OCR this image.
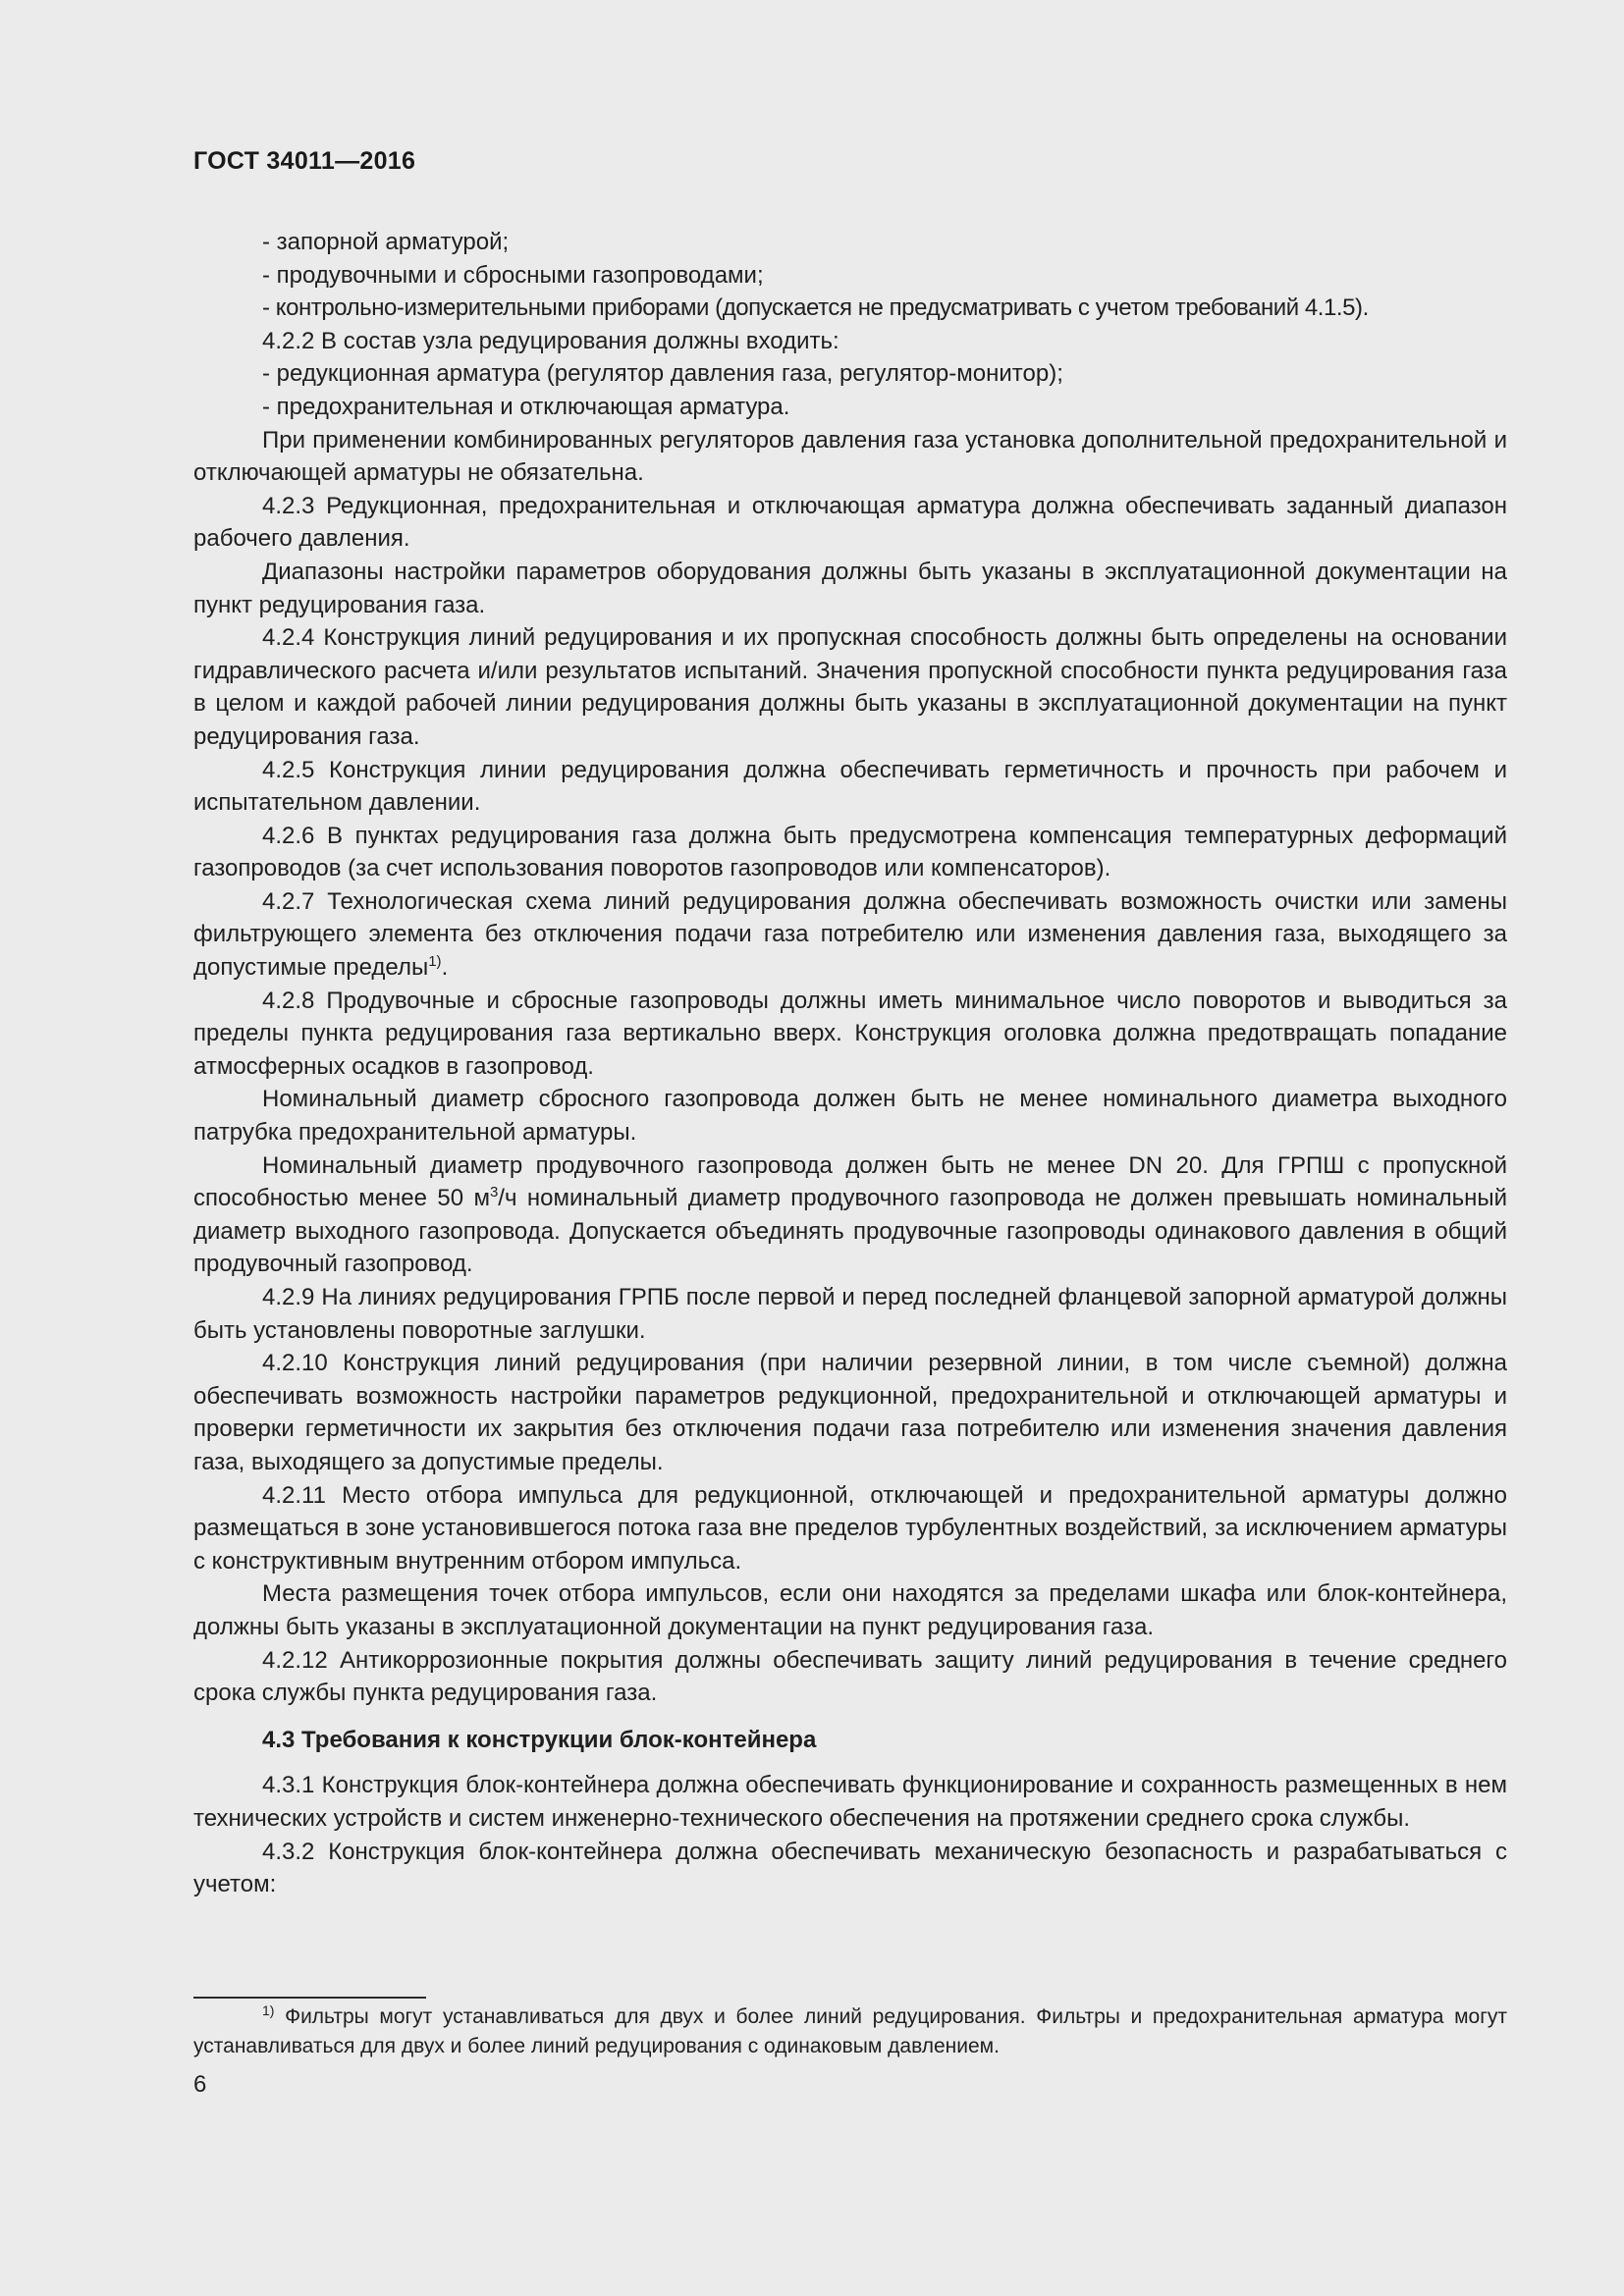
ГОСТ 34011—2016

- запорной арматурой;

- продувочными и сбросными газопроводами;

- контрольно-измерительными приборами (допускается не предусматривать с учетом требований 4.1.5).

4.2.2 В состав узла редуцирования должны входить:

- редукционная арматура (регулятор давления газа, регулятор-монитор);

- предохранительная и отключающая арматура.

При применении комбинированных регуляторов давления газа установка дополнительной предохранительной и отключающей арматуры не обязательна.

4.2.3 Редукционная, предохранительная и отключающая арматура должна обеспечивать заданный диапазон рабочего давления.

Диапазоны настройки параметров оборудования должны быть указаны в эксплуатационной документации на пункт редуцирования газа.

4.2.4 Конструкция линий редуцирования и их пропускная способность должны быть определены на основании гидравлического расчета и/или результатов испытаний. Значения пропускной способности пункта редуцирования газа в целом и каждой рабочей линии редуцирования должны быть указаны в эксплуатационной документации на пункт редуцирования газа.

4.2.5 Конструкция линии редуцирования должна обеспечивать герметичность и прочность при рабочем и испытательном давлении.

4.2.6 В пунктах редуцирования газа должна быть предусмотрена компенсация температурных деформаций газопроводов (за счет использования поворотов газопроводов или компенсаторов).

4.2.7 Технологическая схема линий редуцирования должна обеспечивать возможность очистки или замены фильтрующего элемента без отключения подачи газа потребителю или изменения давления газа, выходящего за допустимые пределы$^{1)}$.

4.2.8 Продувочные и сбросные газопроводы должны иметь минимальное число поворотов и выводиться за пределы пункта редуцирования газа вертикально вверх. Конструкция оголовка должна предотвращать попадание атмосферных осадков в газопровод.

Номинальный диаметр сбросного газопровода должен быть не менее номинального диаметра выходного патрубка предохранительной арматуры.

Номинальный диаметр продувочного газопровода должен быть не менее DN 20. Для ГРПШ с пропускной способностью менее 50 $м^3/ч$ номинальный диаметр продувочного газопровода не должен превышать номинальный диаметр выходного газопровода. Допускается объединять продувочные газопроводы одинакового давления в общий продувочный газопровод.

4.2.9 На линиях редуцирования ГРПБ после первой и перед последней фланцевой запорной арматурой должны быть установлены поворотные заглушки.

4.2.10 Конструкция линий редуцирования (при наличии резервной линии, в том числе съемной) должна обеспечивать возможность настройки параметров редукционной, предохранительной и отключающей арматуры и проверки герметичности их закрытия без отключения подачи газа потребителю или изменения значения давления газа, выходящего за допустимые пределы.

4.2.11 Место отбора импульса для редукционной, отключающей и предохранительной арматуры должно размещаться в зоне установившегося потока газа вне пределов турбулентных воздействий, за исключением арматуры с конструктивным внутренним отбором импульса.

Места размещения точек отбора импульсов, если они находятся за пределами шкафа или блок-контейнера, должны быть указаны в эксплуатационной документации на пункт редуцирования газа.

4.2.12 Антикоррозионные покрытия должны обеспечивать защиту линий редуцирования в течение среднего срока службы пункта редуцирования газа.

4.3 Требования к конструкции блок-контейнера

4.3.1 Конструкция блок-контейнера должна обеспечивать функционирование и сохранность размещенных в нем технических устройств и систем инженерно-технического обеспечения на протяжении среднего срока службы.

4.3.2 Конструкция блок-контейнера должна обеспечивать механическую безопасность и разрабатываться с учетом:

$^{1)}$ Фильтры могут устанавливаться для двух и более линий редуцирования. Фильтры и предохранительная арматура могут устанавливаться для двух и более линий редуцирования с одинаковым давлением.

6
